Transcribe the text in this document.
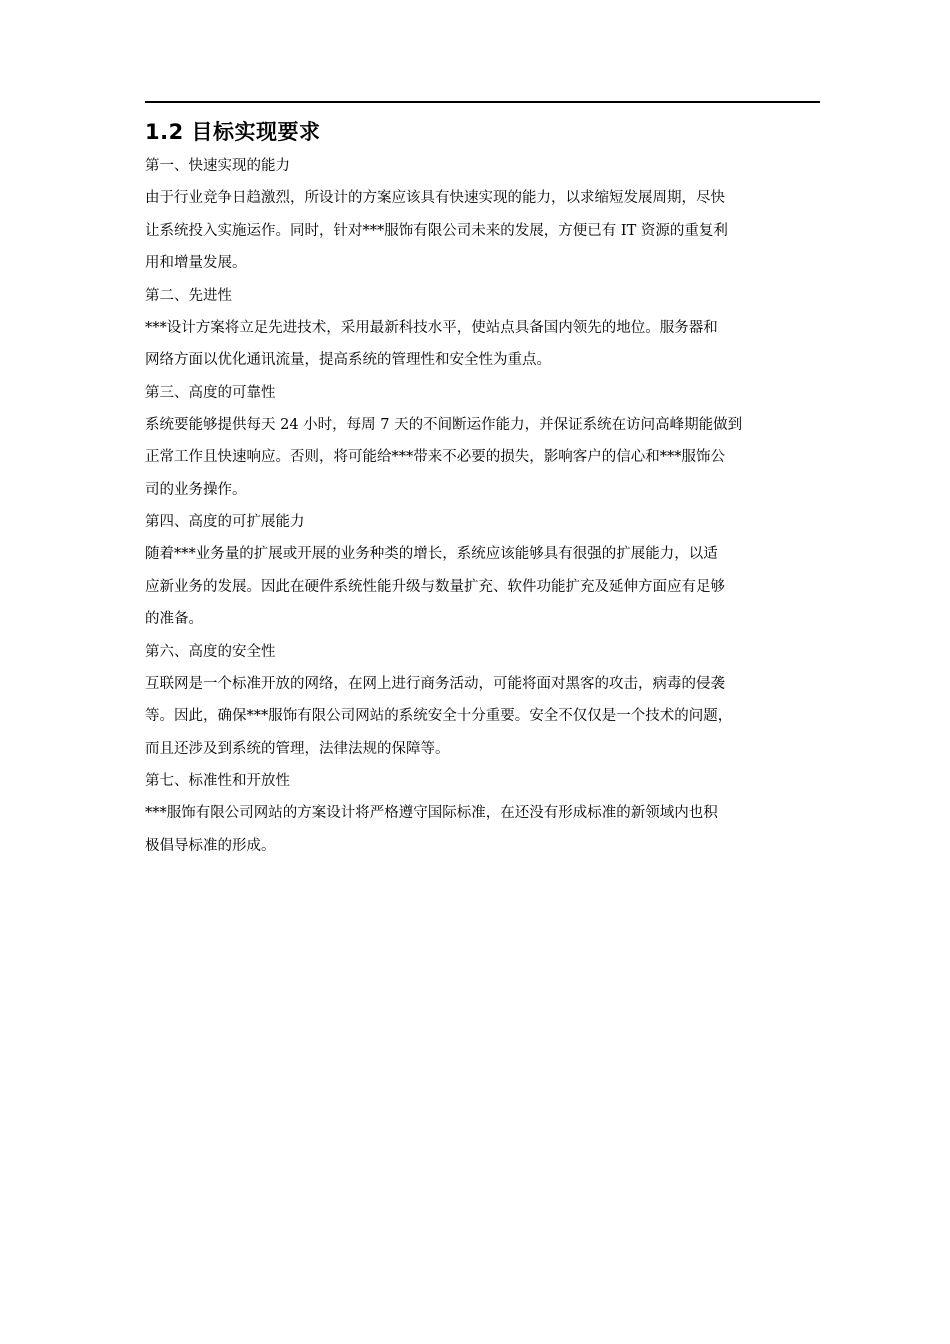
1.2 目标实现要求

第一、快速实现的能力

由于行业竞争日趋激烈，所设计的方案应该具有快速实现的能力，以求缩短发展周期，尽快
让系统投入实施运作。同时，针对***服饰有限公司未来的发展，方便已有 IT 资源的重复利
用和增量发展。

第二、先进性

***设计方案将立足先进技术，采用最新科技水平，使站点具备国内领先的地位。服务器和
网络方面以优化通讯流量，提高系统的管理性和安全性为重点。

第三、高度的可靠性

系统要能够提供每天 24 小时，每周 7 天的不间断运作能力，并保证系统在访问高峰期能做到
正常工作且快速响应。否则，将可能给***带来不必要的损失，影响客户的信心和***服饰公
司的业务操作。

第四、高度的可扩展能力

随着***业务量的扩展或开展的业务种类的增长，系统应该能够具有很强的扩展能力，以适
应新业务的发展。因此在硬件系统性能升级与数量扩充、软件功能扩充及延伸方面应有足够
的准备。

第六、高度的安全性

互联网是一个标准开放的网络，在网上进行商务活动，可能将面对黑客的攻击，病毒的侵袭
等。因此，确保***服饰有限公司网站的系统安全十分重要。安全不仅仅是一个技术的问题，
而且还涉及到系统的管理，法律法规的保障等。

第七、标准性和开放性

***服饰有限公司网站的方案设计将严格遵守国际标准，在还没有形成标准的新领域内也积
极倡导标准的形成。
